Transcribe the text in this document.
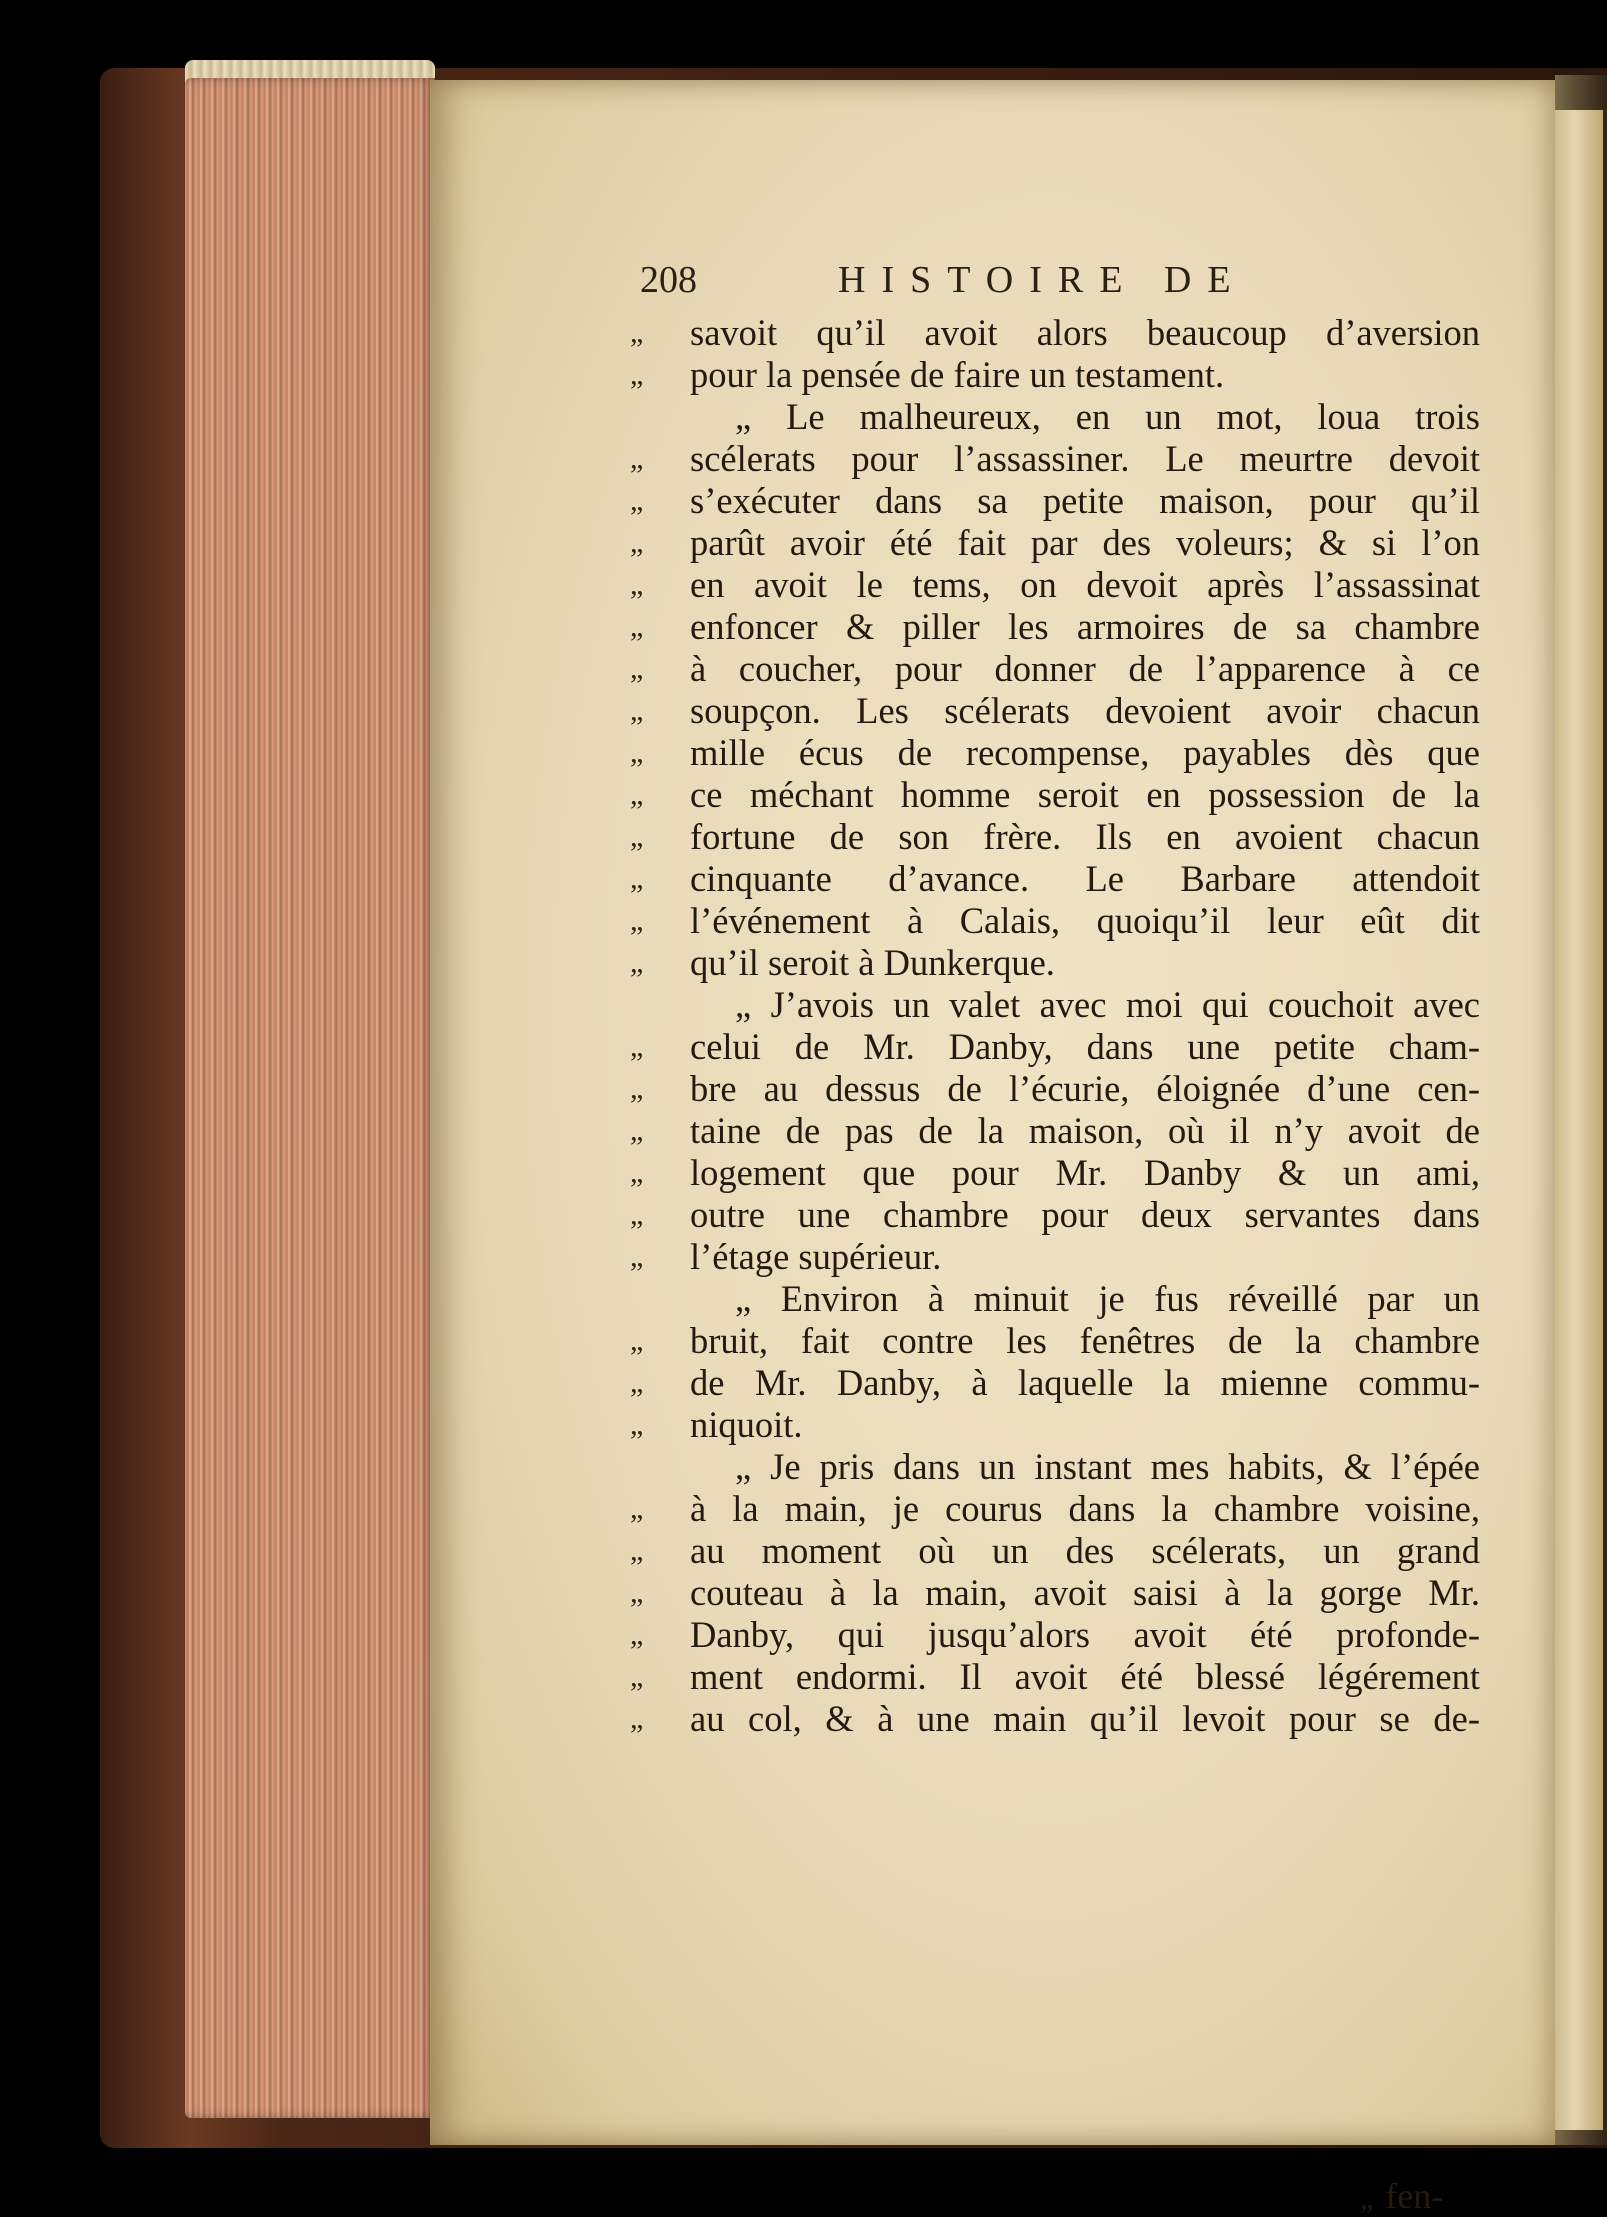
208	HISTOIRE DE
„	savoit qu’il avoit alors beaucoup d’aversion
„	pour la pensée de faire un testament.
„ Le malheureux, en un mot, loua trois
„	scélerats pour l’assassiner. Le meurtre devoit
„	s’exécuter dans sa petite maison, pour qu’il
„	parût avoir été fait par des voleurs; & si l’on
„	en avoit le tems, on devoit après l’assassinat
„	enfoncer & piller les armoires de sa chambre
„	à coucher, pour donner de l’apparence à ce
„	soupçon. Les scélerats devoient avoir chacun
„	mille écus de recompense, payables dès que
„	ce méchant homme seroit en possession de la
„	fortune de son frère. Ils en avoient chacun
„	cinquante d’avance. Le Barbare attendoit
„	l’événement à Calais, quoiqu’il leur eût dit
„	qu’il seroit à Dunkerque.
„ J’avois un valet avec moi qui couchoit avec
„	celui de Mr. Danby, dans une petite cham-
„	bre au dessus de l’écurie, éloignée d’une cen-
„	taine de pas de la maison, où il n’y avoit de
„	logement que pour Mr. Danby & un ami,
„	outre une chambre pour deux servantes dans
„	l’étage supérieur.
„ Environ à minuit je fus réveillé par un
„	bruit, fait contre les fenêtres de la chambre
„	de Mr. Danby, à laquelle la mienne commu-
„	niquoit.
„ Je pris dans un instant mes habits, & l’épée
„	à la main, je courus dans la chambre voisine,
„	au moment où un des scélerats, un grand
„	couteau à la main, avoit saisi à la gorge Mr.
„	Danby, qui jusqu’alors avoit été profonde-
„	ment endormi. Il avoit été blessé légérement
„	au col, & à une main qu’il levoit pour se de-
„ fen-
